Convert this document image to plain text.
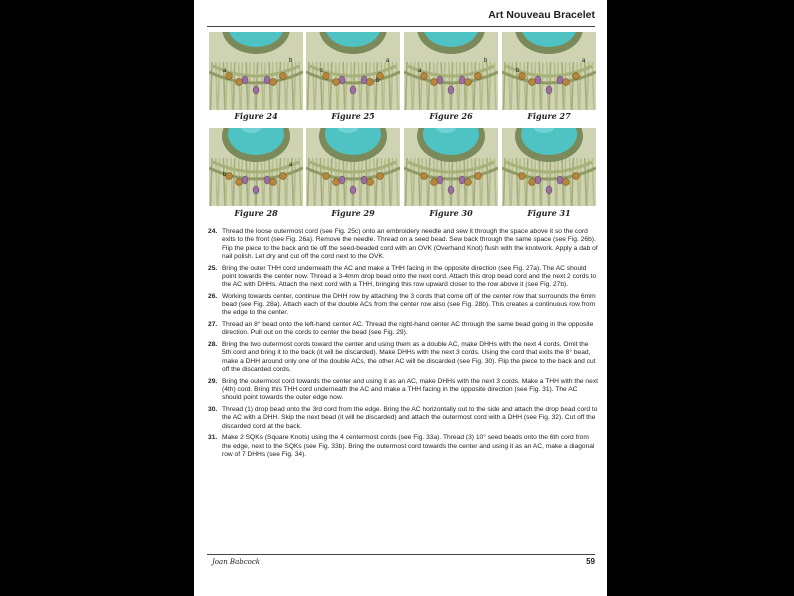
Art Nouveau Bracelet
a
b
Figure 24
c
a
b
Figure 25
a
b
Figure 26
b
a
Figure 27
b
a
Figure 28	Figure 29	Figure 30	Figure 31
24. Thread the loose outermost cord (see Fig. 25c) onto an embroidery needle and sew it through the space above it so the cord exits to the front (see Fig. 26a). Remove the needle. Thread on a seed bead. Sew back through the same space (see Fig. 26b). Flip the piece to the back and tie off the seed-beaded cord with an OVK (Overhand Knot) flush with the knotwork. Apply a dab of nail polish. Let dry and cut off the cord next to the OVK.
25. Bring the outer THH cord underneath the AC and make a THH facing in the opposite direction (see Fig. 27a). The AC should point towards the center now. Thread a 3-4mm drop bead onto the next cord. Attach this drop bead cord and the next 2 cords to the AC with DHHs. Attach the next cord with a THH, bringing this row upward closer to the row above it (see Fig. 27b).
26. Working towards center, continue the DHH row by attaching the 3 cords that come off of the center row that surrounds the 6mm bead (see Fig. 28a). Attach each of the double ACs from the center row also (see Fig. 28b). This creates a continuous row from the edge to the center.
27. Thread an 8° bead onto the left-hand center AC. Thread the right-hand center AC through the same bead going in the opposite direction. Pull out on the cords to center the bead (see Fig. 29).
28. Bring the two outermost cords toward the center and using them as a double AC, make DHHs with the next 4 cords. Omit the 5th cord and bring it to the back (it will be discarded). Make DHHs with the next 3 cords. Using the cord that exits the 8° bead, make a DHH around only one of the double ACs, the other AC will be discarded (see Fig. 30). Flip the piece to the back and cut off the discarded cords.
29. Bring the outermost cord towards the center and using it as an AC, make DHHs with the next 3 cords. Make a THH with the next (4th) cord. Bring this THH cord underneath the AC and make a THH facing in the opposite direction (see Fig. 31). The AC should point towards the outer edge now.
30. Thread (1) drop bead onto the 3rd cord from the edge. Bring the AC horizontally out to the side and attach the drop bead cord to the AC with a DHH. Skip the next bead (it will be discarded) and attach the outermost cord with a DHH (see Fig. 32). Cut off the discarded cord at the back.
31. Make 2 SQKs (Square Knots) using the 4 centermost cords (see Fig. 33a). Thread (3) 10° seed beads onto the 6th cord from the edge, next to the SQKs (see Fig. 33b). Bring the outermost cord towards the center and using it as an AC, make a diagonal row of 7 DHHs (see Fig. 34).
Joan Babcock	59
